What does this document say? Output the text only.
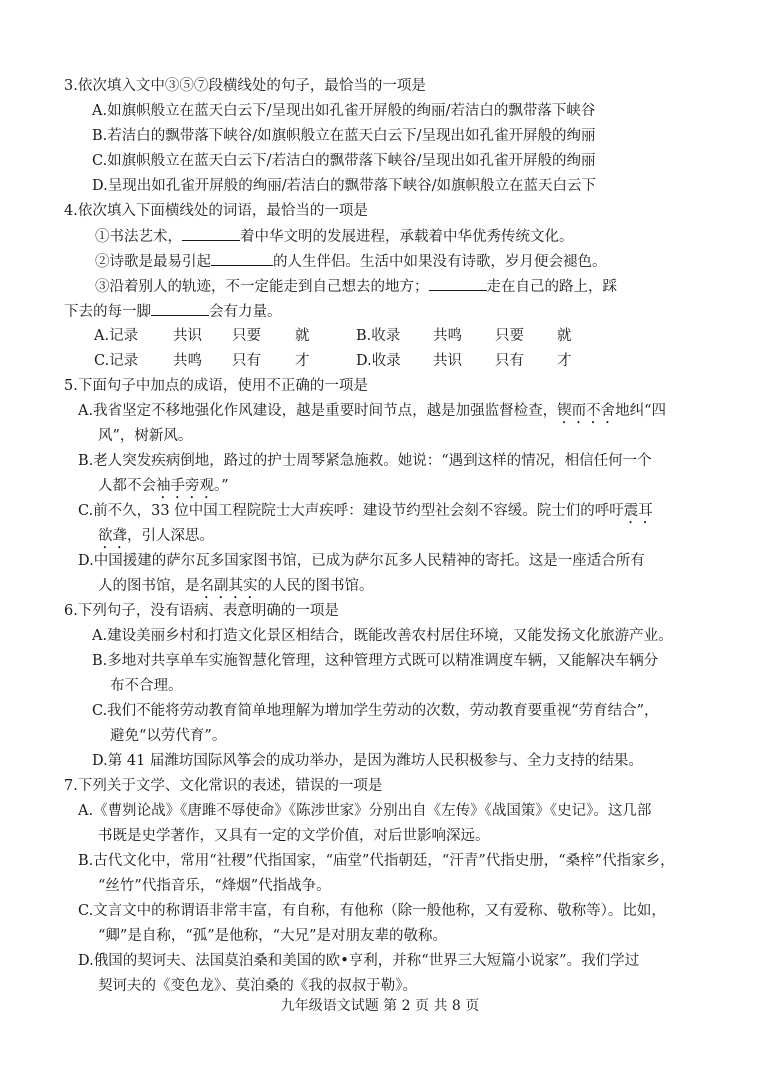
3.依次填入文中③⑤⑦段横线处的句子，最恰当的一项是
A.如旗帜般立在蓝天白云下/呈现出如孔雀开屏般的绚丽/若洁白的飘带落下峡谷
B.若洁白的飘带落下峡谷/如旗帜般立在蓝天白云下/呈现出如孔雀开屏般的绚丽
C.如旗帜般立在蓝天白云下/若洁白的飘带落下峡谷/呈现出如孔雀开屏般的绚丽
D.呈现出如孔雀开屏般的绚丽/若洁白的飘带落下峡谷/如旗帜般立在蓝天白云下
4.依次填入下面横线处的词语，最恰当的一项是
①书法艺术，	着中华文明的发展进程，承载着中华优秀传统文化。
②诗歌是最易引起	的人生伴侣。生活中如果没有诗歌，岁月便会褪色。
③沿着别人的轨迹，不一定能走到自己想去的地方；	走在自己的路上，踩
下去的每一脚	会有力量。
A.记录 共识 只要 就	B.收录 共鸣 只要 就
C.记录 共鸣 只有 才	D.收录 共识 只有 才
5.下面句子中加点的成语，使用不正确的一项是
A.我省坚定不移地强化作风建设，越是重要时间节点，越是加强监督检查，锲而不舍地纠“四
风”，树新风。
B.老人突发疾病倒地，路过的护士周琴紧急施救。她说：“遇到这样的情况，相信任何一个
人都不会袖手旁观。”
C.前不久，33 位中国工程院院士大声疾呼：建设节约型社会刻不容缓。院士们的呼吁震耳
欲聋，引人深思。
D.中国援建的萨尔瓦多国家图书馆，已成为萨尔瓦多人民精神的寄托。这是一座适合所有
人的图书馆，是名副其实的人民的图书馆。
6.下列句子，没有语病、表意明确的一项是
A.建设美丽乡村和打造文化景区相结合，既能改善农村居住环境，又能发扬文化旅游产业。
B.多地对共享单车实施智慧化管理，这种管理方式既可以精准调度车辆，又能解决车辆分
布不合理。
C.我们不能将劳动教育简单地理解为增加学生劳动的次数，劳动教育要重视“劳育结合”，
避免“以劳代育”。
D.第 41 届潍坊国际风筝会的成功举办，是因为潍坊人民积极参与、全力支持的结果。
7.下列关于文学、文化常识的表述，错误的一项是
A.《曹刿论战》《唐雎不辱使命》《陈涉世家》分别出自《左传》《战国策》《史记》。这几部
书既是史学著作，又具有一定的文学价值，对后世影响深远。
B.古代文化中，常用“社稷”代指国家，“庙堂”代指朝廷，“汗青”代指史册，“桑梓”代指家乡，
“丝竹”代指音乐，“烽烟”代指战争。
C.文言文中的称谓语非常丰富，有自称，有他称（除一般他称，又有爱称、敬称等）。比如，
“卿”是自称，“孤”是他称，“大兄”是对朋友辈的敬称。
D.俄国的契诃夫、法国莫泊桑和美国的欧•亨利，并称“世界三大短篇小说家”。我们学过
契诃夫的《变色龙》、莫泊桑的《我的叔叔于勒》。
九年级语文试题 第 2 页 共 8 页
